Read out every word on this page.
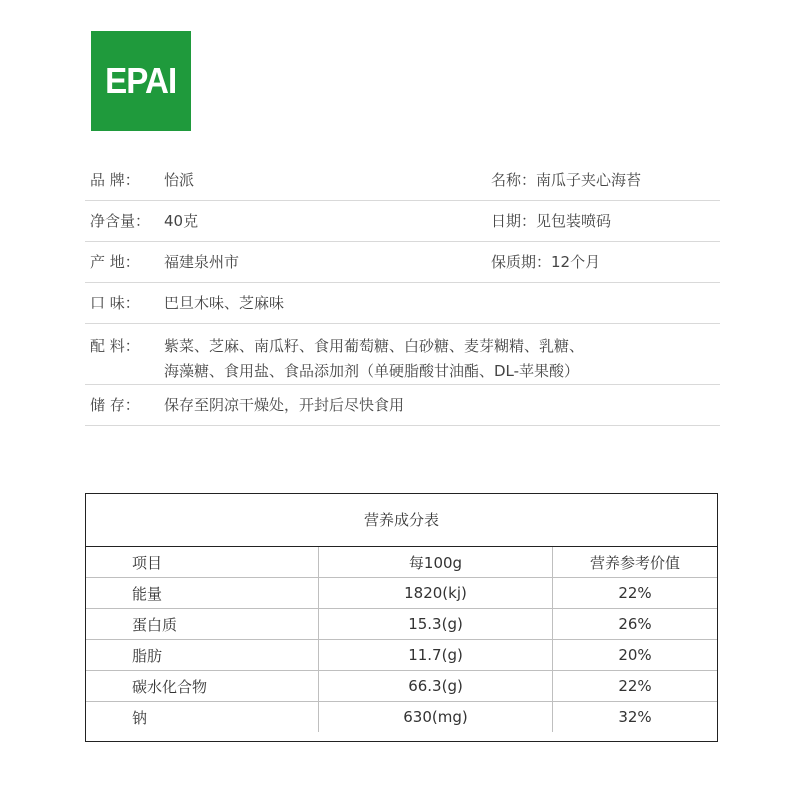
EPAI
品 牌： 怡派	名称：南瓜子夹心海苔
净含量： 40克	日期：见包装喷码
产 地： 福建泉州市	保质期：12个月
口 味： 巴旦木味、芝麻味
配 料： 紫菜、芝麻、南瓜籽、食用葡萄糖、白砂糖、麦芽糊精、乳糖、
海藻糖、食用盐、食品添加剂（单硬脂酸甘油酯、DL-苹果酸）
储 存： 保存至阴凉干燥处，开封后尽快食用
营养成分表
项目	每100g	营养参考价值
能量	1820(kj)	22%
蛋白质	15.3(g)	26%
脂肪	11.7(g)	20%
碳水化合物	66.3(g)	22%
钠	630(mg)	32%
